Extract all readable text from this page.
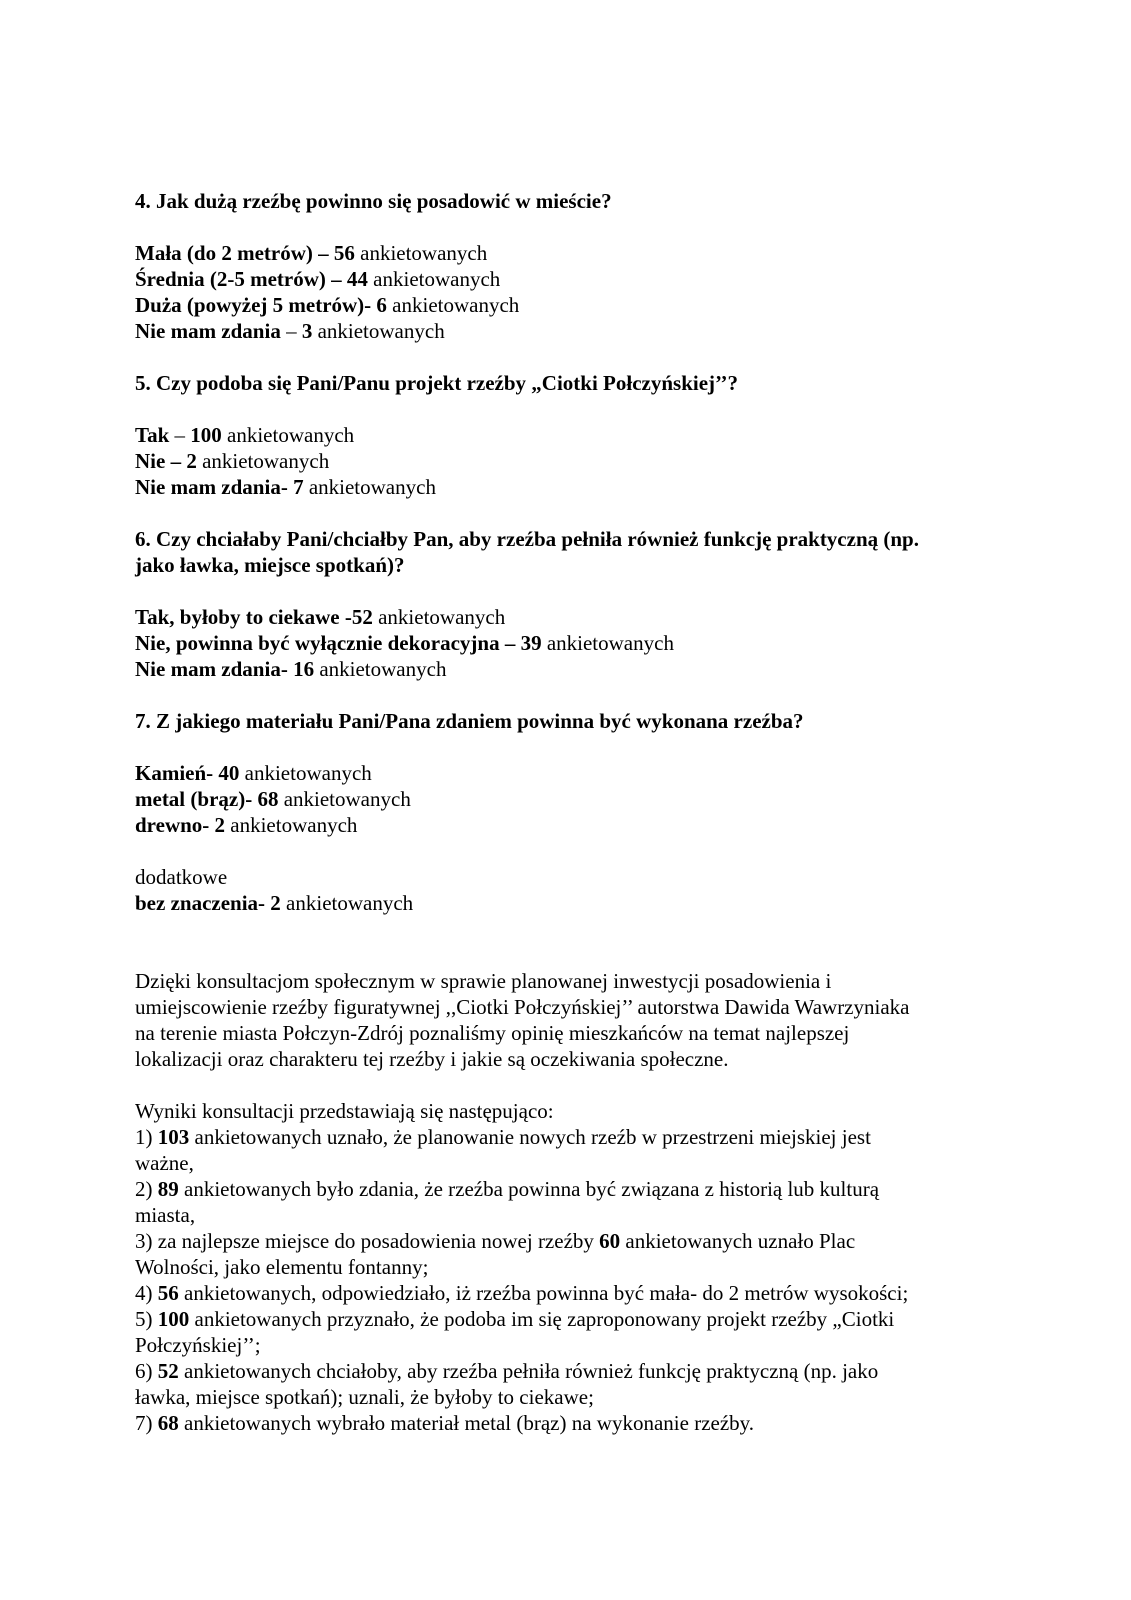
4. Jak dużą rzeźbę powinno się posadowić w mieście?

Mała (do 2 metrów) – 56 ankietowanych

Średnia (2-5 metrów) – 44 ankietowanych

Duża (powyżej 5 metrów)- 6 ankietowanych

Nie mam zdania – 3 ankietowanych

5. Czy podoba się Pani/Panu projekt rzeźby „Ciotki Połczyńskiej’’?

Tak – 100 ankietowanych

Nie – 2 ankietowanych

Nie mam zdania- 7 ankietowanych

6. Czy chciałaby Pani/chciałby Pan, aby rzeźba pełniła również funkcję praktyczną (np.
jako ławka, miejsce spotkań)?

Tak, byłoby to ciekawe -52 ankietowanych

Nie, powinna być wyłącznie dekoracyjna – 39 ankietowanych

Nie mam zdania- 16 ankietowanych

7. Z jakiego materiału Pani/Pana zdaniem powinna być wykonana rzeźba?

Kamień- 40 ankietowanych

metal (brąz)- 68 ankietowanych

drewno- 2 ankietowanych

dodatkowe

bez znaczenia- 2 ankietowanych

Dzięki konsultacjom społecznym w sprawie planowanej inwestycji posadowienia i

umiejscowienie rzeźby figuratywnej ,,Ciotki Połczyńskiej’’ autorstwa Dawida Wawrzyniaka

na terenie miasta Połczyn-Zdrój poznaliśmy opinię mieszkańców na temat najlepszej

lokalizacji oraz charakteru tej rzeźby i jakie są oczekiwania społeczne.

Wyniki konsultacji przedstawiają się następująco:

1) 103 ankietowanych uznało, że planowanie nowych rzeźb w przestrzeni miejskiej jest
ważne,

2) 89 ankietowanych było zdania, że rzeźba powinna być związana z historią lub kulturą
miasta,

3) za najlepsze miejsce do posadowienia nowej rzeźby 60 ankietowanych uznało Plac
Wolności, jako elementu fontanny;

4) 56 ankietowanych, odpowiedziało, iż rzeźba powinna być mała- do 2 metrów wysokości;

5) 100 ankietowanych przyznało, że podoba im się zaproponowany projekt rzeźby „Ciotki
Połczyńskiej’’;

6) 52 ankietowanych chciałoby, aby rzeźba pełniła również funkcję praktyczną (np. jako
ławka, miejsce spotkań); uznali, że byłoby to ciekawe;

7) 68 ankietowanych wybrało materiał metal (brąz) na wykonanie rzeźby.
